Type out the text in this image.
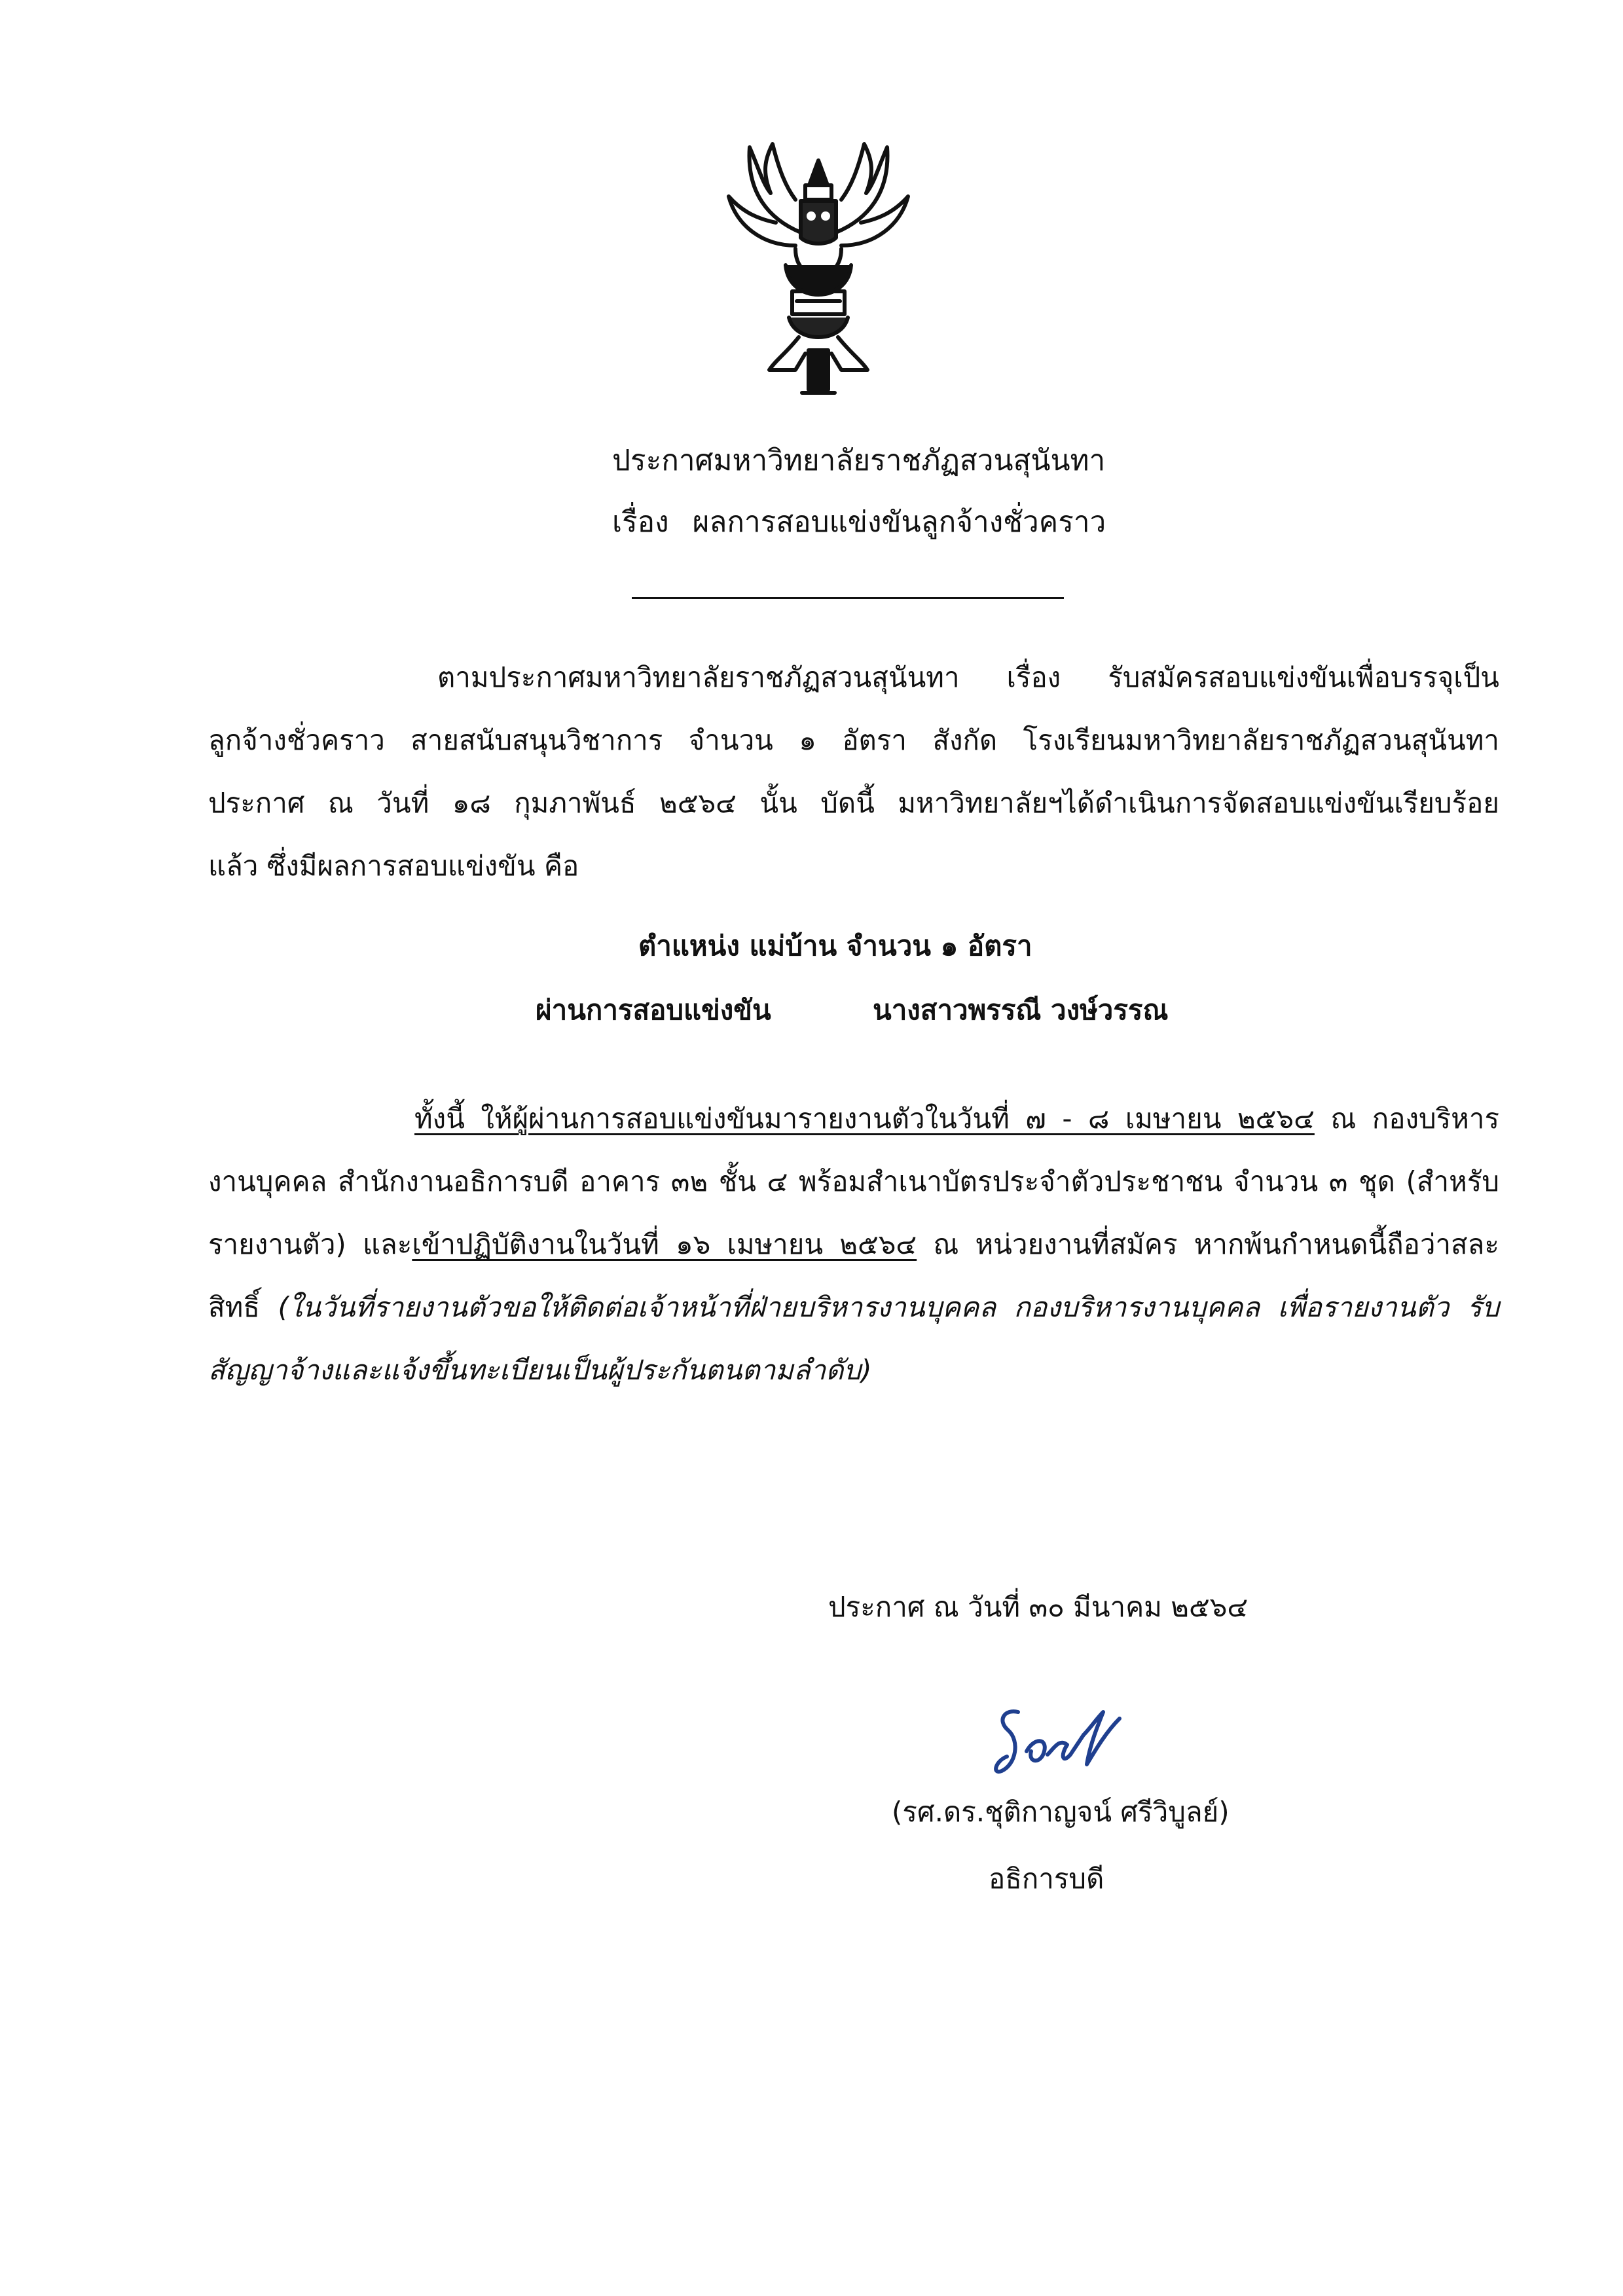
ประกาศมหาวิทยาลัยราชภัฏสวนสุนันทา
เรื่อง ผลการสอบแข่งขันลูกจ้างชั่วคราว

ตามประกาศมหาวิทยาลัยราชภัฏสวนสุนันทา เรื่อง รับสมัครสอบแข่งขันเพื่อบรรจุเป็น
ลูกจ้างชั่วคราว สายสนับสนุนวิชาการ จำนวน ๑ อัตรา สังกัด โรงเรียนมหาวิทยาลัยราชภัฏสวนสุนันทา
ประกาศ ณ วันที่ ๑๘ กุมภาพันธ์ ๒๕๖๔ นั้น บัดนี้ มหาวิทยาลัยฯได้ดำเนินการจัดสอบแข่งขันเรียบร้อย
แล้ว ซึ่งมีผลการสอบแข่งขัน คือ

ตำแหน่ง แม่บ้าน จำนวน ๑ อัตรา
ผ่านการสอบแข่งขัน	นางสาวพรรณี วงษ์วรรณ

ทั้งนี้ ให้ผู้ผ่านการสอบแข่งขันมารายงานตัวในวันที่ ๗ - ๘ เมษายน ๒๕๖๔ ณ กองบริหาร
งานบุคคล สำนักงานอธิการบดี อาคาร ๓๒ ชั้น ๔ พร้อมสำเนาบัตรประจำตัวประชาชน จำนวน ๓ ชุด (สำหรับ
รายงานตัว) และเข้าปฏิบัติงานในวันที่ ๑๖ เมษายน ๒๕๖๔ ณ หน่วยงานที่สมัคร หากพ้นกำหนดนี้ถือว่าสละ
สิทธิ์ (ในวันที่รายงานตัวขอให้ติดต่อเจ้าหน้าที่ฝ่ายบริหารงานบุคคล กองบริหารงานบุคคล เพื่อรายงานตัว รับ
สัญญาจ้างและแจ้งขึ้นทะเบียนเป็นผู้ประกันตนตามลำดับ)

ประกาศ ณ วันที่ ๓๐ มีนาคม ๒๕๖๔
(รศ.ดร.ชุติกาญจน์ ศรีวิบูลย์)
อธิการบดี
